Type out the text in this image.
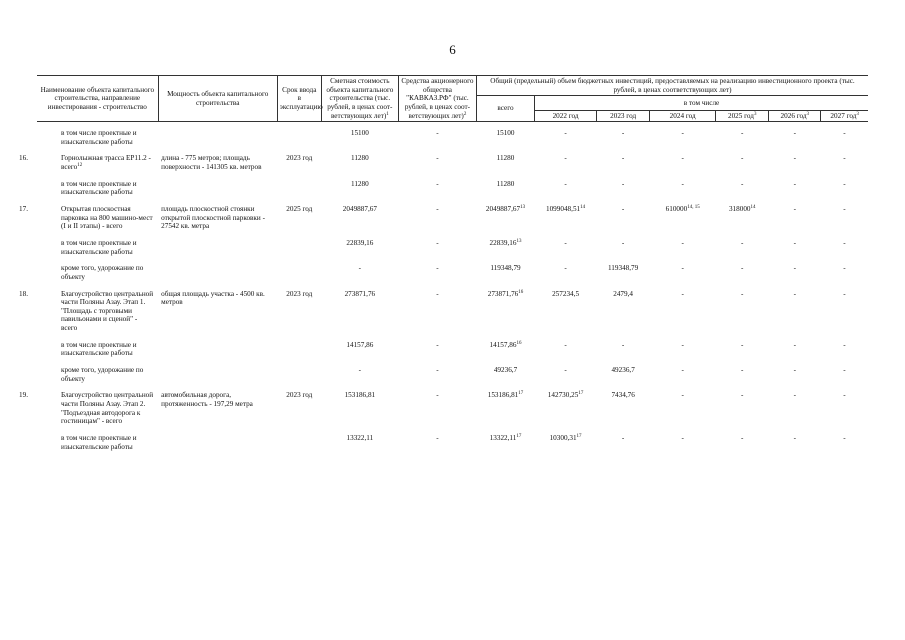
6
Наименование объекта капитального строительства, направление инвестирования - строительство	Мощность объекта капитального строительства	Срок ввода в эксплуатацию	Сметная стоимость объекта капитального строительства (тыс. рублей, в ценах соот-ветствующих лет)$^1$	Средства акционерного общества "КАВКАЗ.РФ" (тыс. рублей, в ценах соот-ветствующих лет)$^2$	Общий (предельный) объем бюджетных инвестиций, предоставляемых на реализацию инвестиционного проекта (тыс. рублей, в ценах соответствующих лет)						
					всего	в том числе					
						2022 год	2023 год	2024 год	2025 год$^3$	2026 год$^3$	2027 год$^3$

в том числе проектные и изыскательские работы			15100	-	15100	-	-	-	-	-	-

16. Горнолыжная трасса ЕР11.2 - всего$^{12}$	длина - 775 метров; площадь поверхности - 141305 кв. метров	2023 год	11280	-	11280	-	-	-	-	-	-

в том числе проектные и изыскательские работы			11280	-	11280	-	-	-	-	-	-

17. Открытая плоскостная парковка на 800 машино-мест (I и II этапы) - всего	площадь плоскостной стоянки открытой плоскостной парковки - 27542 кв. метра	2025 год	2049887,67	-	2049887,67$^{13}$	1099048,51$^{14}$	-	610000$^{14, 15}$	318000$^{14}$	-	-

в том числе проектные и изыскательские работы			22839,16	-	22839,16$^{13}$	-	-	-	-	-	-

кроме того, удорожание по объекту			-	-	119348,79	-	119348,79	-	-	-	-

18. Благоустройство центральной части Поляны Азау. Этап 1. "Площадь с торговыми павильонами и сценой" - всего	общая площадь участка - 4500 кв. метров	2023 год	273871,76	-	273871,76$^{16}$	257234,5	2479,4	-	-	-	-

в том числе проектные и изыскательские работы			14157,86	-	14157,86$^{16}$	-	-	-	-	-	-

кроме того, удорожание по объекту			-	-	49236,7	-	49236,7	-	-	-	-

19. Благоустройство центральной части Поляны Азау. Этап 2. "Подъездная автодорога к гостиницам" - всего	автомобильная дорога, протяженность - 197,29 метра	2023 год	153186,81	-	153186,81$^{17}$	142730,25$^{17}$	7434,76	-	-	-	-

в том числе проектные и изыскательские работы			13322,11	-	13322,11$^{17}$	10300,31$^{17}$	-	-	-	-	-
